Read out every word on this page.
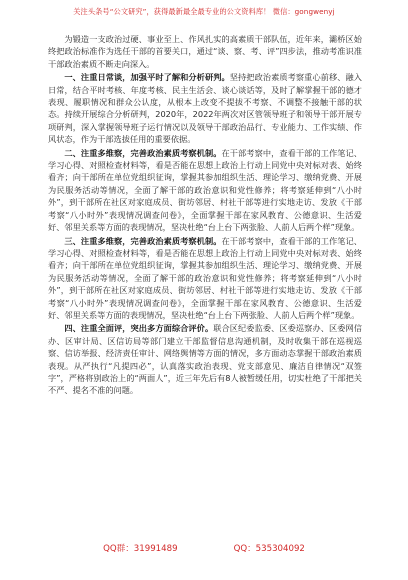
关注头条号“公文研究”，获得最新最全最专业的公文资料库！ 微信：gongwenyj

为锻造一支政治过硬、事业至上、作风扎实的高素质干部队伍，近年来，灞桥区始终把政治标准作为选任干部的首要关口，通过“谈、察、考、评”四步法，推动考准识准干部政治素质不断走向深入。

一、注重日常谈，加强平时了解和分析研判。坚持把政治素质考察重心前移、融入日常，结合平时考核、年度考核、民主生活会、谈心谈话等，及时了解掌握干部的德才表现、履职情况和群众公认度，从根本上改变不提拔不考察、不调整不接触干部的状态。持续开展综合分析研判，2020年，2022年两次对区管领导班子和领导干部开展专项研判，深入掌握领导班子运行情况以及领导干部政治品行、专业能力、工作实绩、作风状态，作为干部选拔任用的重要依据。

二、注重多维察，完善政治素质考察机制。在干部考察中，查看干部的工作笔记、学习心得、对照检查材料等，看是否能在思想上政治上行动上同党中央对标对表、始终看齐；向干部所在单位党组织征询，掌握其参加组织生活、理论学习、缴纳党费、开展为民服务活动等情况，全面了解干部的政治意识和党性修养；将考察延伸到“八小时外”，到干部所在社区对家庭成员、街坊邻居、村社干部等进行实地走访、发放《干部考察“八小时外”表现情况调查问卷》，全面掌握干部在家风教育、公德意识、生活爱好、邻里关系等方面的表现情况，坚决杜绝“台上台下两张脸、人前人后两个样”现象。

三、注重多维察，完善政治素质考察机制。在干部考察中，查看干部的工作笔记、学习心得、对照检查材料等，看是否能在思想上政治上行动上同党中央对标对表、始终看齐；向干部所在单位党组织征询，掌握其参加组织生活、理论学习、缴纳党费、开展为民服务活动等情况，全面了解干部的政治意识和党性修养；将考察延伸到“八小时外”，到干部所在社区对家庭成员、街坊邻居、村社干部等进行实地走访、发放《干部考察“八小时外”表现情况调查问卷》，全面掌握干部在家风教育、公德意识、生活爱好、邻里关系等方面的表现情况，坚决杜绝“台上台下两张脸、人前人后两个样”现象。

四、注重全面评，突出多方面综合评价。联合区纪委监委、区委巡察办、区委网信办、区审计局、区信访局等部门建立干部监督信息沟通机制，及时收集干部在巡视巡察、信访举报、经济责任审计、网络舆情等方面的情况，多方面动态掌握干部政治素质表现。从严执行“凡提四必”，认真落实政治表现、党支部意见、廉洁自律情况“双签字”，严格将别政治上的“两面人”，近三年先后有8人被暂缓任用，切实杜绝了干部把关不严、提名不准的问题。

QQ群：31991489	QQ：535304092
